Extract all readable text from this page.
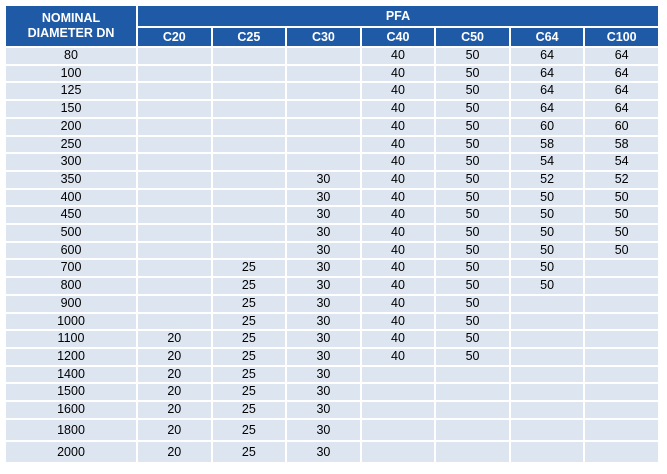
NOMINAL
DIAMETER DN	PFA						
	C20	C25	C30	C40	C50	C64	C100
80				40	50	64	64
100				40	50	64	64
125				40	50	64	64
150				40	50	64	64
200				40	50	60	60
250				40	50	58	58
300				40	50	54	54
350			30	40	50	52	52
400			30	40	50	50	50
450			30	40	50	50	50
500			30	40	50	50	50
600			30	40	50	50	50
700		25	30	40	50	50	
800		25	30	40	50	50	
900		25	30	40	50		
1000		25	30	40	50		
1100	20	25	30	40	50		
1200	20	25	30	40	50		
1400	20	25	30				
1500	20	25	30				
1600	20	25	30				
1800	20	25	30				
2000	20	25	30				
